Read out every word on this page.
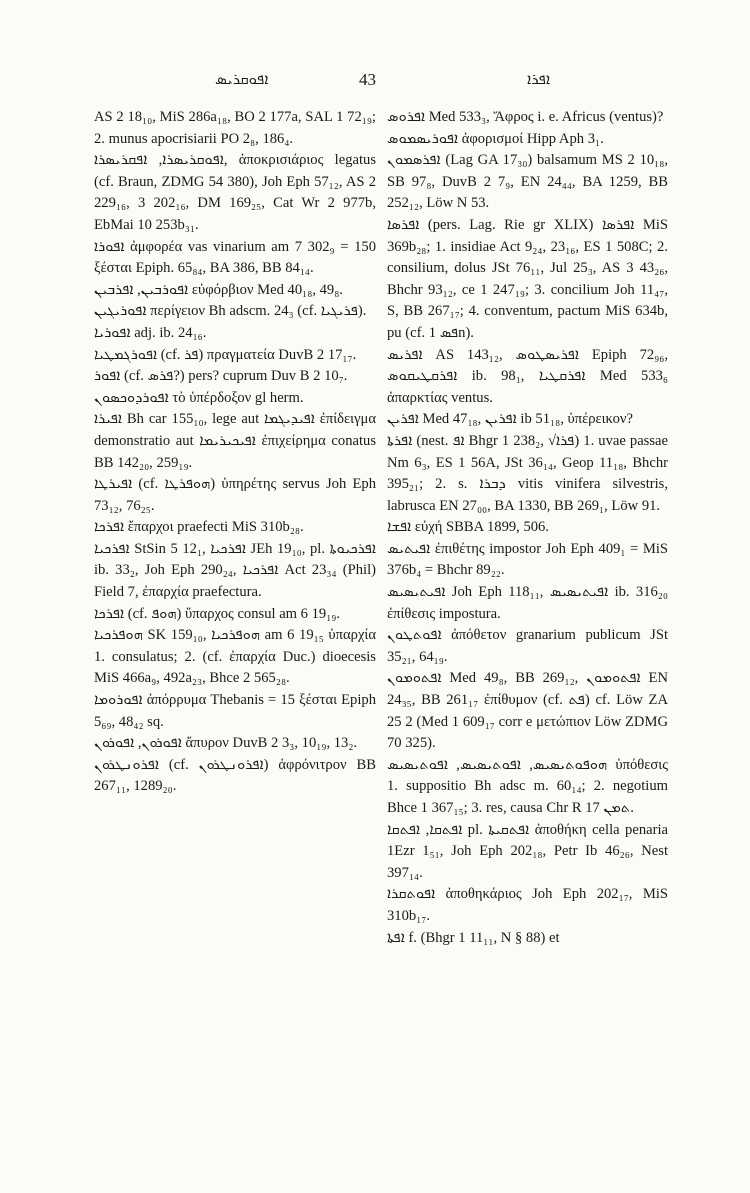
ܐܦܘܩܪܝܣ	43	ܐܦܪܐ

AS 2 18₁₀, MiS 286a₁₈, BO 2 177a, SAL 1 72₁₉; 2. munus apocrisiarii PO 2₈, 186₄.

ܐܦܘܩܪܝܣܪܐ, ܐܦܩܪܝܣܪܐ, ἀποκρισιάριος legatus (cf. Braun, ZDMG 54 380), Joh Eph 57₁₂, AS 2 229₁₆, 3 202₁₆, DM 169₂₅, Cat Wr 2 977b, EbMai 10 253b₃₁.

ܐܦܘܪܐ ἀμφορέα vas vinarium am 7 302₉ = 150 ξέσται Epiph. 65₈₄, BA 386, BB 84₁₄.

ܐܦܘܪܒܝܢ, ܐܦܪܒܝܢ εὐφόρβιον Med 40₁₈, 49₈.

ܐܦܘܪܝܓܝܢ περίγειον Bh adscm. 24₃ (cf. ܦܪܝܓܝܐ).

ܐܦܘܪܝܐ adj. ib. 24₁₆.

ܐܦܘܪܓܡܛܝܐ (cf. ܦܪ) πραγματεία DuvB 2 17₁₇.

ܐܦܘܪ (cf. ܦܪܣ?) pers? cuprum Duv B 2 10₇.

ܐܦܘܪܕܘܟܣܘܢ τὸ ὑπέρδοξον gl herm.

ܐܦܝܪܐ Bh car 155₁₀, lege aut ܐܦܝܕܝܓܡܐ ἐπίδειγμα demonstratio aut ܐܦܝܟܝܪܝܡܐ ἐπιχείρημα conatus BB 142₂₀, 259₁₉.

ܐܦܝܪܛܐ (cf. ܗܘܦܪܛܐ) ὑπηρέτης servus Joh Eph 73₁₂, 76₂₅.

ܐܦܪܟܐ ἔπαρχοι praefecti MiS 310b₂₈.

ܐܦܪܟܝܐ StSin 5 12₁, ܐܦܪܟܝܐ JEh 19₁₀, pl. ܐܦܪܟܝܘܬܐ ib. 33₂, Joh Eph 290₂₄, ܐܦܪܟܝܐ Act 23₃₄ (Phil) Field 7, ἐπαρχία praefectura.

ܐܦܪܟܐ (cf. ܗܘܦ) ὕπαρχος consul am 6 19₁₉.

ܗܘܦܪܟܝܐ SK 159₁₀, ܗܘܦܪܟܝܐ am 6 19₁₅ ὑπαρχία 1. consulatus; 2. (cf. ἐπαρχία Duc.) dioecesis MiS 466a₉, 492a₂₃, Bhce 2 565₂₈.

ܐܦܘܪܘܡܐ ἀπόρρυμα Thebanis = 15 ξέσται Epiph 5₆₉, 48₄₂ sq.

ܐܦܘܪܘܢ, ܐܦܘܪܘܢ ἄπυρον DuvB 2 3₃, 10₁₉, 13₂.

ܐܦܪܘܢܛܪܘܢ (cf. ܐܦܪܘܢܛܪܘܢ) ἀφρόνιτρον BB 267₁₁, 1289₂₀.

ܐܦܪܘܣ Med 533₃, Ἄφρος i. e. Africus (ventus)?

ܐܦܘܪܝܣܡܘܣ ἀφορισμοί Hipp Aph 3₁.

ܐܦܪܣܡܘܢ (Lag GA 17₃₀) balsamum MS 2 10₁₈, SB 97₈, DuvB 2 7₉, EN 24₄₄, BA 1259, BB 252₁₂, Löw N 53.

ܐܦܪܣܐ (pers. Lag. Rie gr XLIX) ܐܦܪܣܐ MiS 369b₂₈; 1. insidiae Act 9₂₄, 23₁₆, ES 1 508C; 2. consilium, dolus JSt 76₁₁, Jul 25₃, AS 3 43₂₆, Bhchr 93₁₂, ce 1 247₁₉; 3. concilium Joh 11₄₇, S, BB 267₁₇; 4. conventum, pactum MiS 634b, pu (cf. ܦܣ 1n).

ܐܦܪܝܣ AS 143₁₂, ܐܦܪܝܣܛܘܣ Epiph 72₉₆, ܐܦܪܩܛܝܩܘܣ ib. 98₁, ܐܦܪܩܛܝܐ Med 533₆ ἀπαρκτίας ventus.

ܐܦܪܝܢ Med 47₁₈, ܐܦܪܝܢ ib 51₁₈, ὑπέρεικον?

ܐܦܪܬܐ (nest. ܐܦ Bhgr 1 238₂, √ܦܪܐ) 1. uvae passae Nm 6₃, ES 1 56A, JSt 36₁₄, Geop 11₁₈, Bhchr 395₂₁; 2. s. ܕܒܪܐ vitis vinifera silvestris, labrusca EN 27₀₀, BA 1330, BB 269₁, Löw 91.

ܐܦܫܐ εὐχή SBBA 1899, 506.

ܐܦܝܬܝܣ ἐπιθέτης impostor Joh Eph 409₁ = MiS 376b₄ = Bhchr 89₂₂.

ܐܦܝܬܝܣܝܣ Joh Eph 118₁₁, ܐܦܝܬܝܣܝܣ ib. 316₂₀ ἐπίθεσις impostura.

ܐܦܘܬܛܘܢ ἀπόθετον granarium publicum JSt 35₂₁, 64₁₉.

ܐܦܬܘܡܘܢ Med 49₈, BB 269₁₂, ܐܦܬܘܡܘܢ EN 24₃₅, BB 261₁₇ ἐπίθυμον (cf. ܦܬ) cf. Löw ZA 25 2 (Med 1 609₁₇ corr e μετώπιον Löw ZDMG 70 325).

ܗܘܦܘܬܝܣܝܣ, ܐܦܘܬܝܣܝܣ, ܐܦܘܬܝܣܝܣ ὑπόθεσις 1. suppositio Bh adsc m. 60₁₄; 2. negotium Bhce 1 367₁₅; 3. res, causa Chr R ܬܡܢ 17.

ܐܦܬܩܐ, ܐܦܬܩܐ pl. ܐܦܬܩܝܬܐ ἀποθήκη cella penaria 1Ezr 1₅₁, Joh Eph 202₁₈, Petr Ib 46₂₆, Nest 397₁₄.

ܐܦܘܬܩܪܐ ἀποθηκάριος Joh Eph 202₁₇, MiS 310b₁₇.

ܐܦܬܐ f. (Bhgr 1 11₁₁, N § 88) et
